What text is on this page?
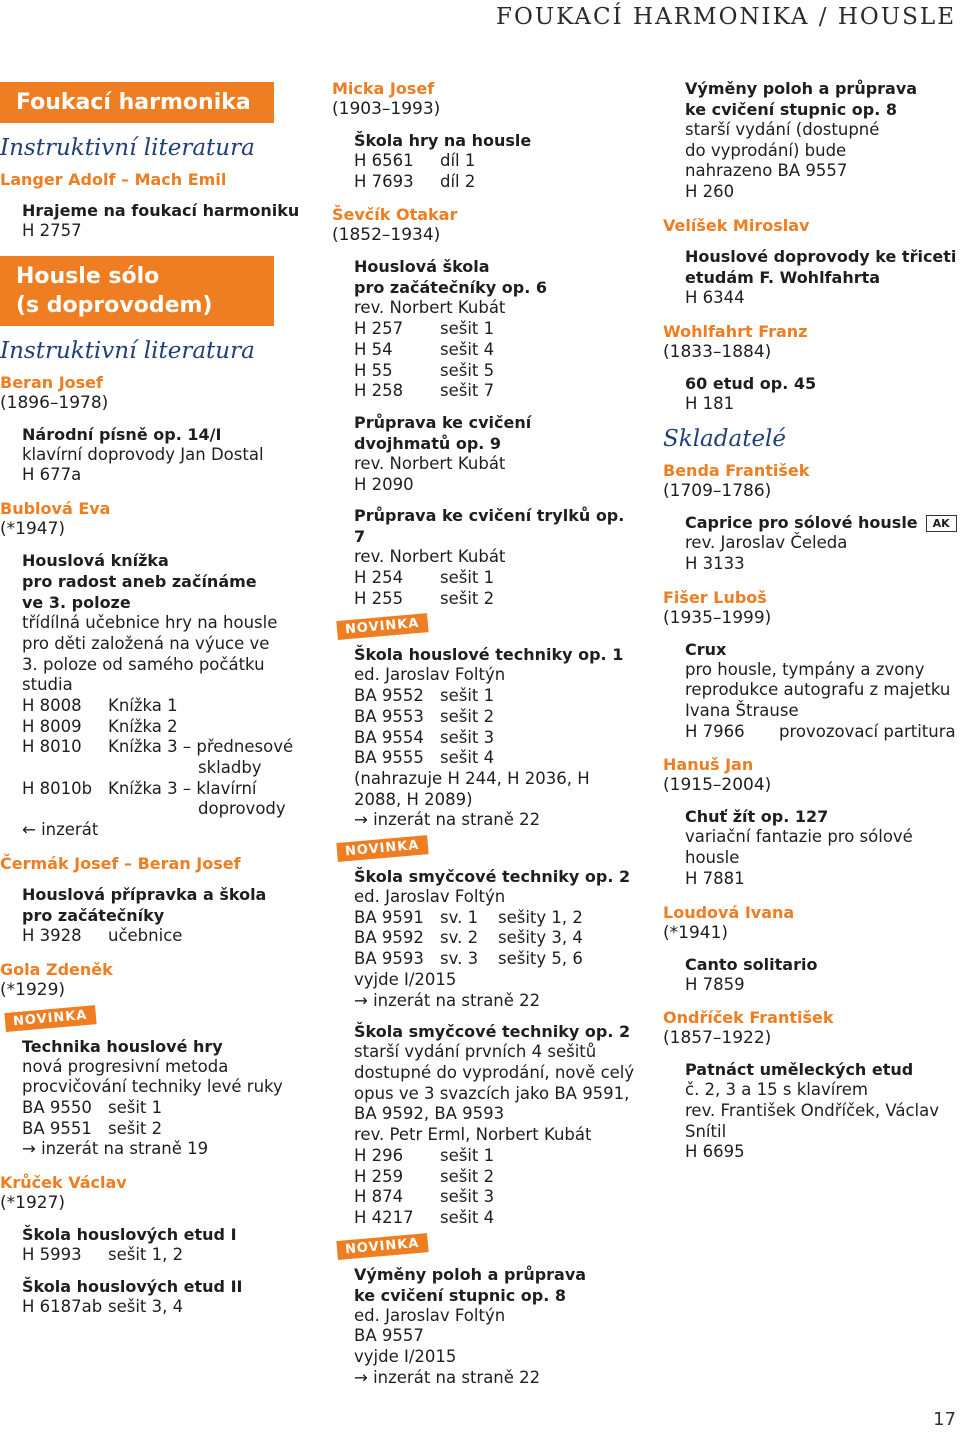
FOUKACÍ HARMONIKA / HOUSLE
Foukací harmonika
Instruktivní literatura
Langer Adolf – Mach Emil
Hrajeme na foukací harmoniku
H 2757
Housle sólo
(s doprovodem)
Instruktivní literatura
Beran Josef
(1896–1978)
Národní písně op. 14/I
klavírní doprovody Jan Dostal
H 677a
Bublová Eva
(*1947)
Houslová knížka
pro radost aneb začínáme
ve 3. poloze
třídílná učebnice hry na housle
pro děti založená na výuce ve
3. poloze od samého počátku
studia
H 8008	Knížka 1
H 8009	Knížka 2
H 8010	Knížka 3 – přednesové
skladby
H 8010b Knížka 3 – klavírní
doprovody
← inzerát
Čermák Josef – Beran Josef
Houslová přípravka a škola
pro začátečníky
H 3928	učebnice
Gola Zdeněk
(*1929)
NOVINKA
Technika houslové hry
nová progresivní metoda
procvičování techniky levé ruky
BA 9550 sešit 1
BA 9551 sešit 2
→ inzerát na straně 19
Krůček Václav
(*1927)
Škola houslových etud I
H 5993	sešit 1, 2
Škola houslových etud II
H 6187ab sešit 3, 4
Micka Josef
(1903–1993)
Škola hry na housle
H 6561	díl 1
H 7693	díl 2
Ševčík Otakar
(1852–1934)
Houslová škola
pro začátečníky op. 6
rev. Norbert Kubát
H 257	sešit 1
H 54	sešit 4
H 55	sešit 5
H 258	sešit 7
Průprava ke cvičení
dvojhmatů op. 9
rev. Norbert Kubát
H 2090
Průprava ke cvičení trylků op. 7
rev. Norbert Kubát
H 254	sešit 1
H 255	sešit 2
NOVINKA
Škola houslové techniky op. 1
ed. Jaroslav Foltýn
BA 9552 sešit 1
BA 9553 sešit 2
BA 9554 sešit 3
BA 9555 sešit 4
(nahrazuje H 244, H 2036, H
2088, H 2089)
→ inzerát na straně 22
NOVINKA
Škola smyčcové techniky op. 2
ed. Jaroslav Foltýn
BA 9591 sv. 1	sešity 1, 2
BA 9592 sv. 2	sešity 3, 4
BA 9593 sv. 3	sešity 5, 6
vyjde I/2015
→ inzerát na straně 22
Škola smyčcové techniky op. 2
starší vydání prvních 4 sešitů
dostupné do vyprodání, nově celý
opus ve 3 svazcích jako BA 9591,
BA 9592, BA 9593
rev. Petr Erml, Norbert Kubát
H 296	sešit 1
H 259	sešit 2
H 874	sešit 3
H 4217	sešit 4
NOVINKA
Výměny poloh a průprava
ke cvičení stupnic op. 8
ed. Jaroslav Foltýn
BA 9557
vyjde I/2015
→ inzerát na straně 22
Výměny poloh a průprava
ke cvičení stupnic op. 8
starší vydání (dostupné
do vyprodání) bude
nahrazeno BA 9557
H 260
Velíšek Miroslav
Houslové doprovody ke třiceti
etudám F. Wohlfahrta
H 6344
Wohlfahrt Franz
(1833–1884)
60 etud op. 45
H 181
Skladatelé
Benda František
(1709–1786)
Caprice pro sólové housle AK
rev. Jaroslav Čeleda
H 3133
Fišer Luboš
(1935–1999)
Crux
pro housle, tympány a zvony
reprodukce autografu z majetku
Ivana Štrause
H 7966	provozovací partitura
Hanuš Jan
(1915–2004)
Chuť žít op. 127
variační fantazie pro sólové
housle
H 7881
Loudová Ivana
(*1941)
Canto solitario
H 7859
Ondříček František
(1857–1922)
Patnáct uměleckých etud
č. 2, 3 a 15 s klavírem
rev. František Ondříček, Václav
Snítil
H 6695
17
